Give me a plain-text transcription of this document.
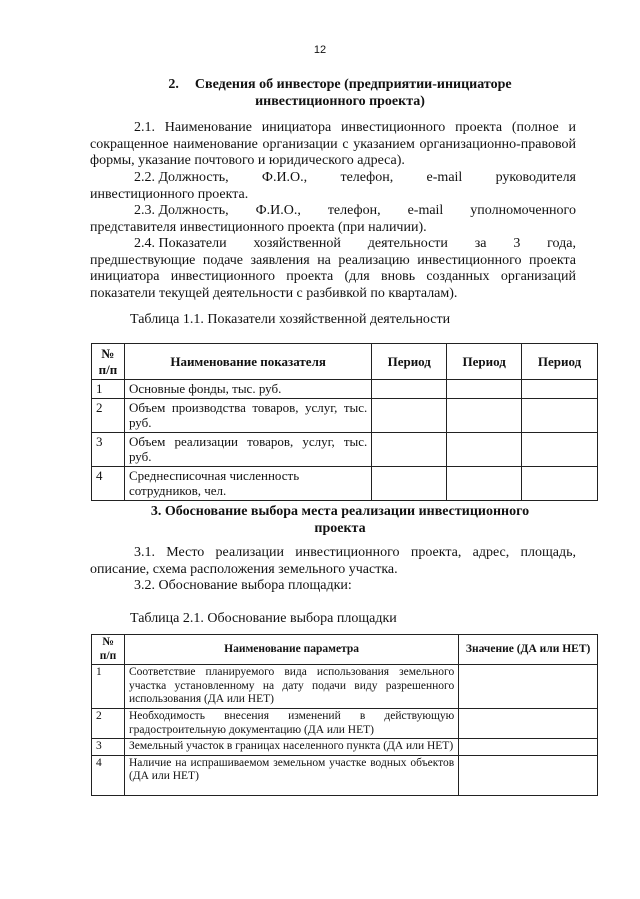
12
2. Сведения об инвесторе (предприятии-инициаторе
инвестиционного проекта)
2.1. Наименование инициатора инвестиционного проекта (полное и сокращенное наименование организации с указанием организационно-правовой формы, указание почтового и юридического адреса).
2.2. Должность, Ф.И.О., телефон, e-mail руководителя
инвестиционного проекта.
2.3. Должность, Ф.И.О., телефон, e-mail уполномоченного
представителя инвестиционного проекта (при наличии).
2.4. Показатели хозяйственной деятельности за 3 года,
предшествующие подаче заявления на реализацию инвестиционного проекта инициатора инвестиционного проекта (для вновь созданных организаций показатели текущей деятельности с разбивкой по кварталам).
Таблица 1.1. Показатели хозяйственной деятельности
№ п/п	Наименование показателя	Период	Период	Период
1	Основные фонды, тыс. руб.			
2	Объем производства товаров, услуг, тыс. руб.			
3	Объем реализации товаров, услуг, тыс. руб.			
4	Среднесписочная численность сотрудников, чел.			
3. Обоснование выбора места реализации инвестиционного
проекта
3.1. Место реализации инвестиционного проекта, адрес, площадь, описание, схема расположения земельного участка.
3.2. Обоснование выбора площадки:
Таблица 2.1. Обоснование выбора площадки
№ п/п	Наименование параметра	Значение (ДА или НЕТ)
1	Соответствие планируемого вида использования земельного участка установленному на дату подачи виду разрешенного использования (ДА или НЕТ)	
2	Необходимость внесения изменений в действующую градостроительную документацию (ДА или НЕТ)	
3	Земельный участок в границах населенного пункта (ДА или НЕТ)	
4	Наличие на испрашиваемом земельном участке водных объектов (ДА или НЕТ)	
